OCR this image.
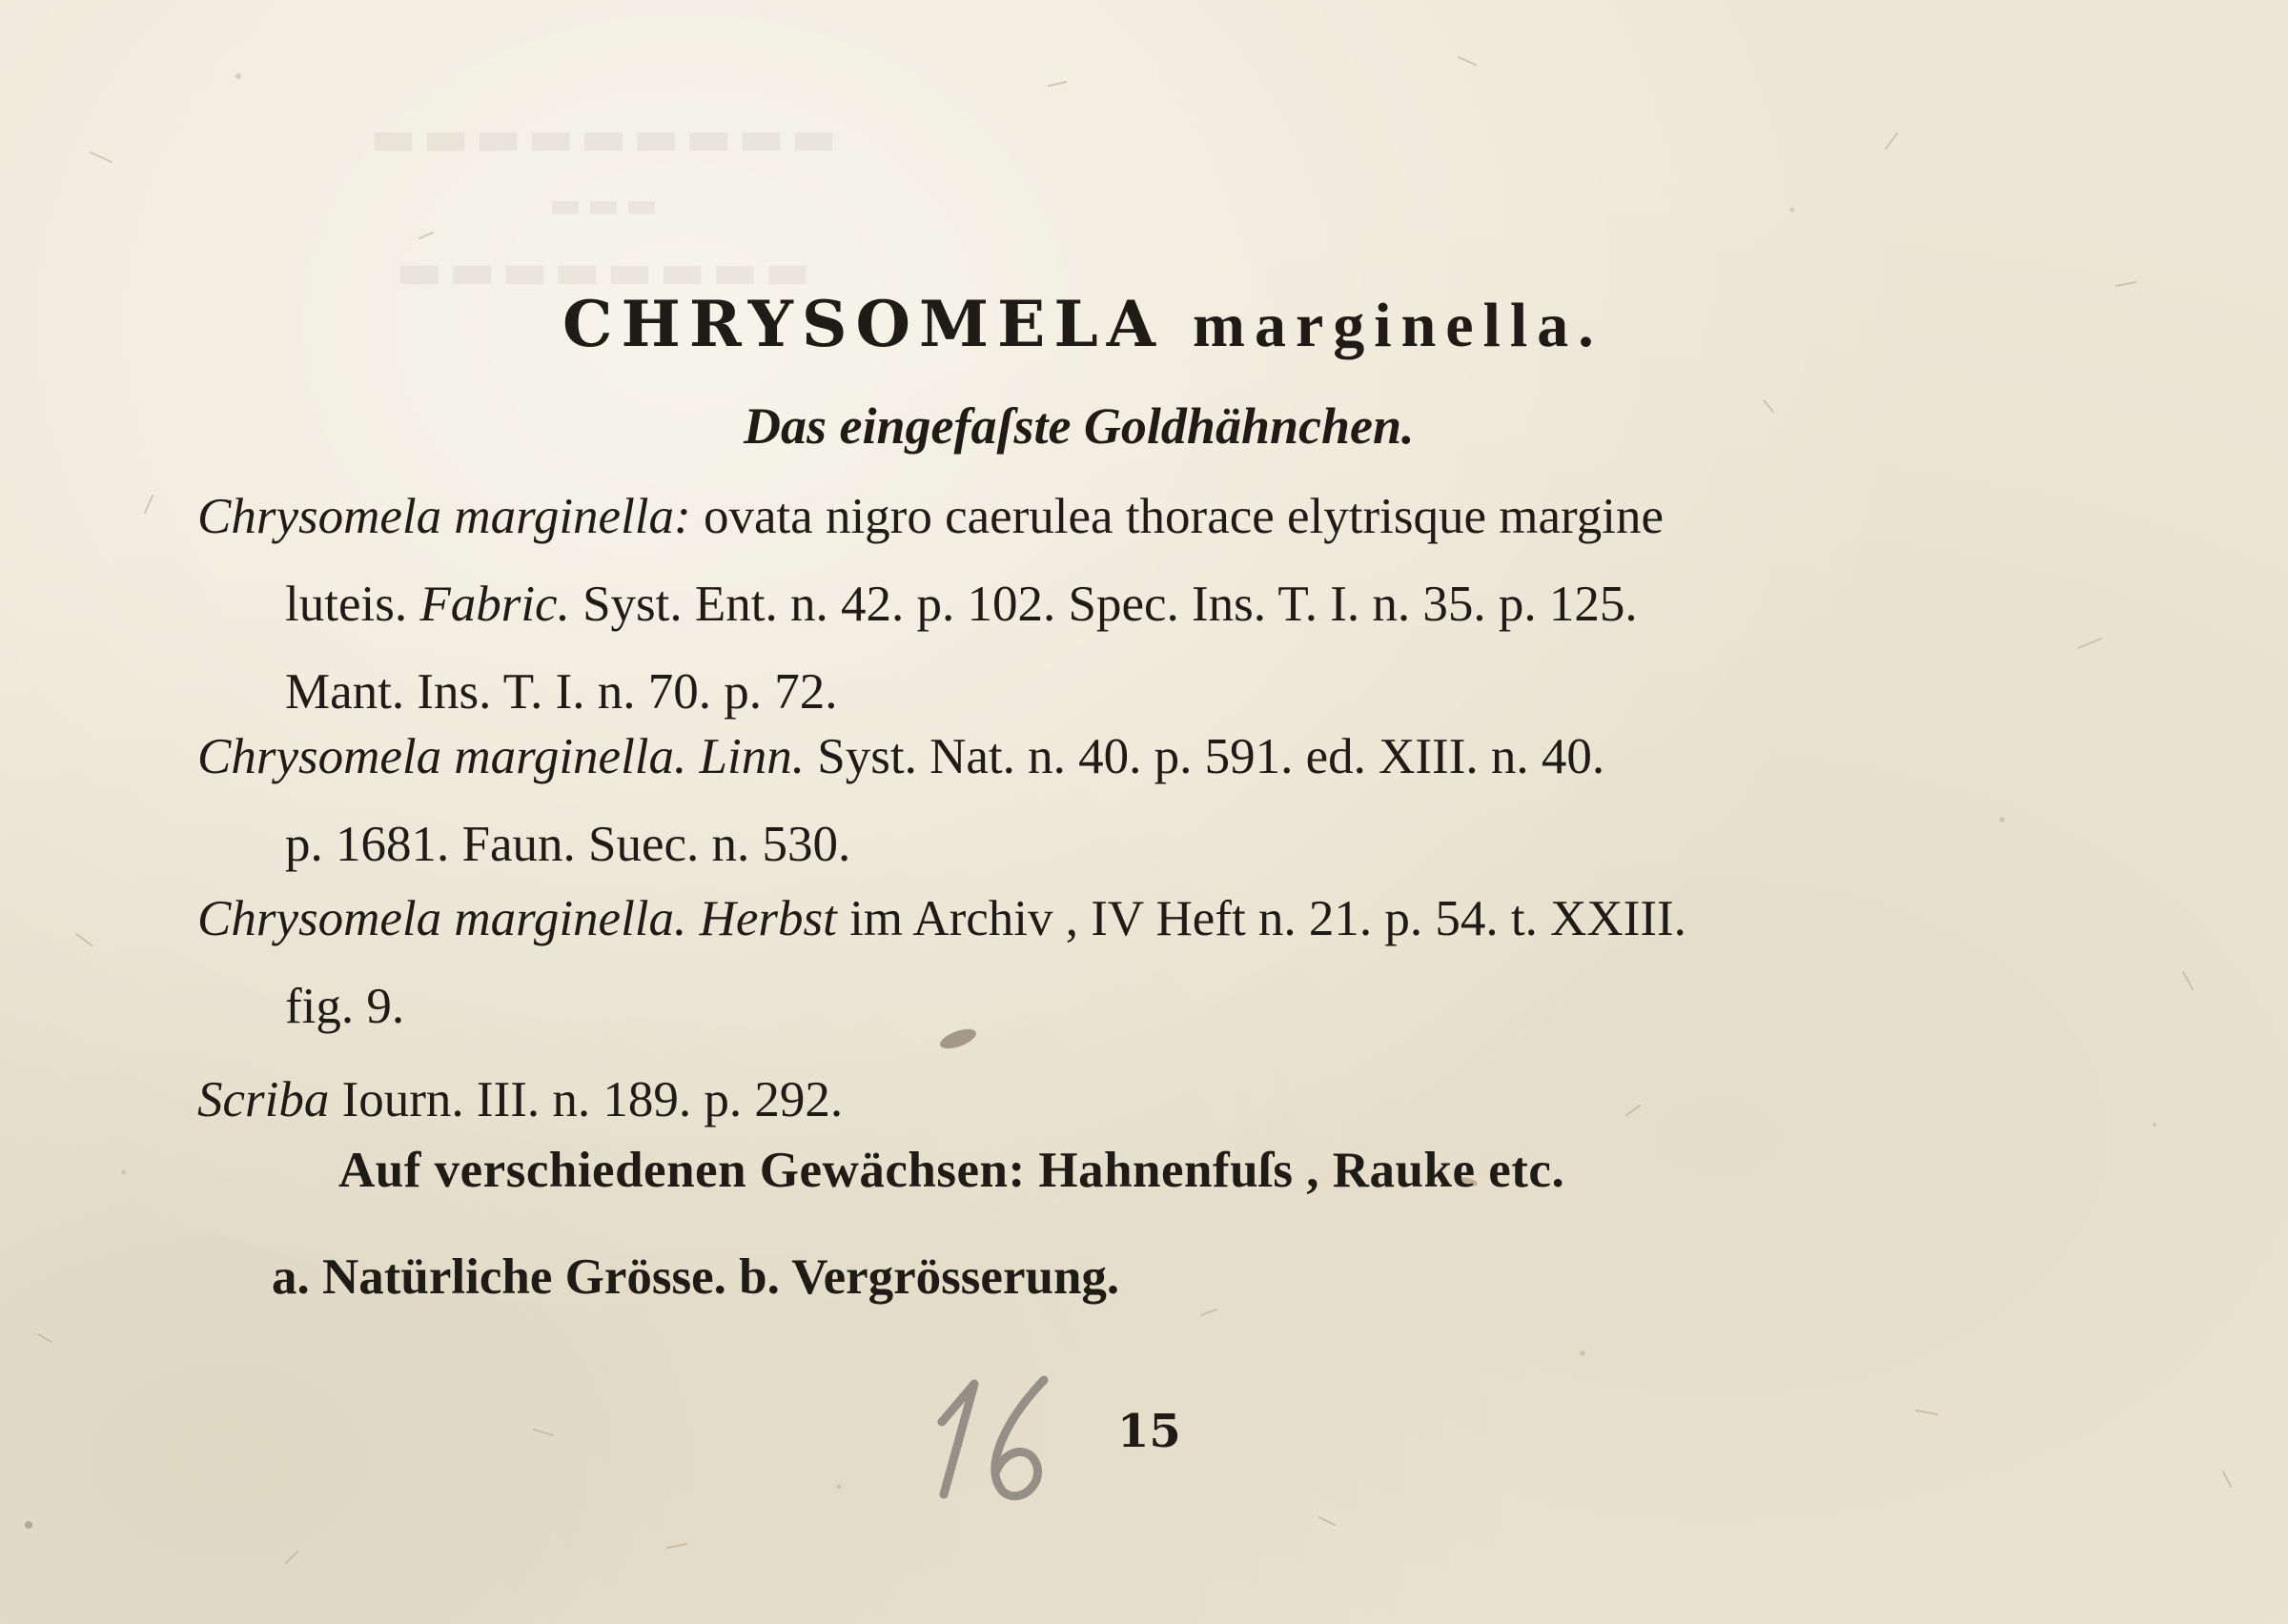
▬▬▬▬▬▬▬▬▬
▬▬▬
▬▬▬▬▬▬▬▬
CHRYSOMELA marginella.
Das eingefaſste Goldhähnchen.
Chrysomela marginella: ovata nigro caerulea thorace elytrisque margine
luteis. Fabric. Syst. Ent. n. 42. p. 102. Spec. Ins. T. I. n. 35. p. 125.
Mant. Ins. T. I. n. 70. p. 72.
Chrysomela marginella. Linn. Syst. Nat. n. 40. p. 591. ed. XIII. n. 40.
p. 1681. Faun. Suec. n. 530.
Chrysomela marginella. Herbst im Archiv , IV Heft n. 21. p. 54. t. XXIII.
fig. 9.
Scriba Iourn. III. n. 189. p. 292.
Auf verschiedenen Gewächsen: Hahnenfuſs , Rauke etc.
a. Natürliche Grösse. b. Vergrösserung.
15
